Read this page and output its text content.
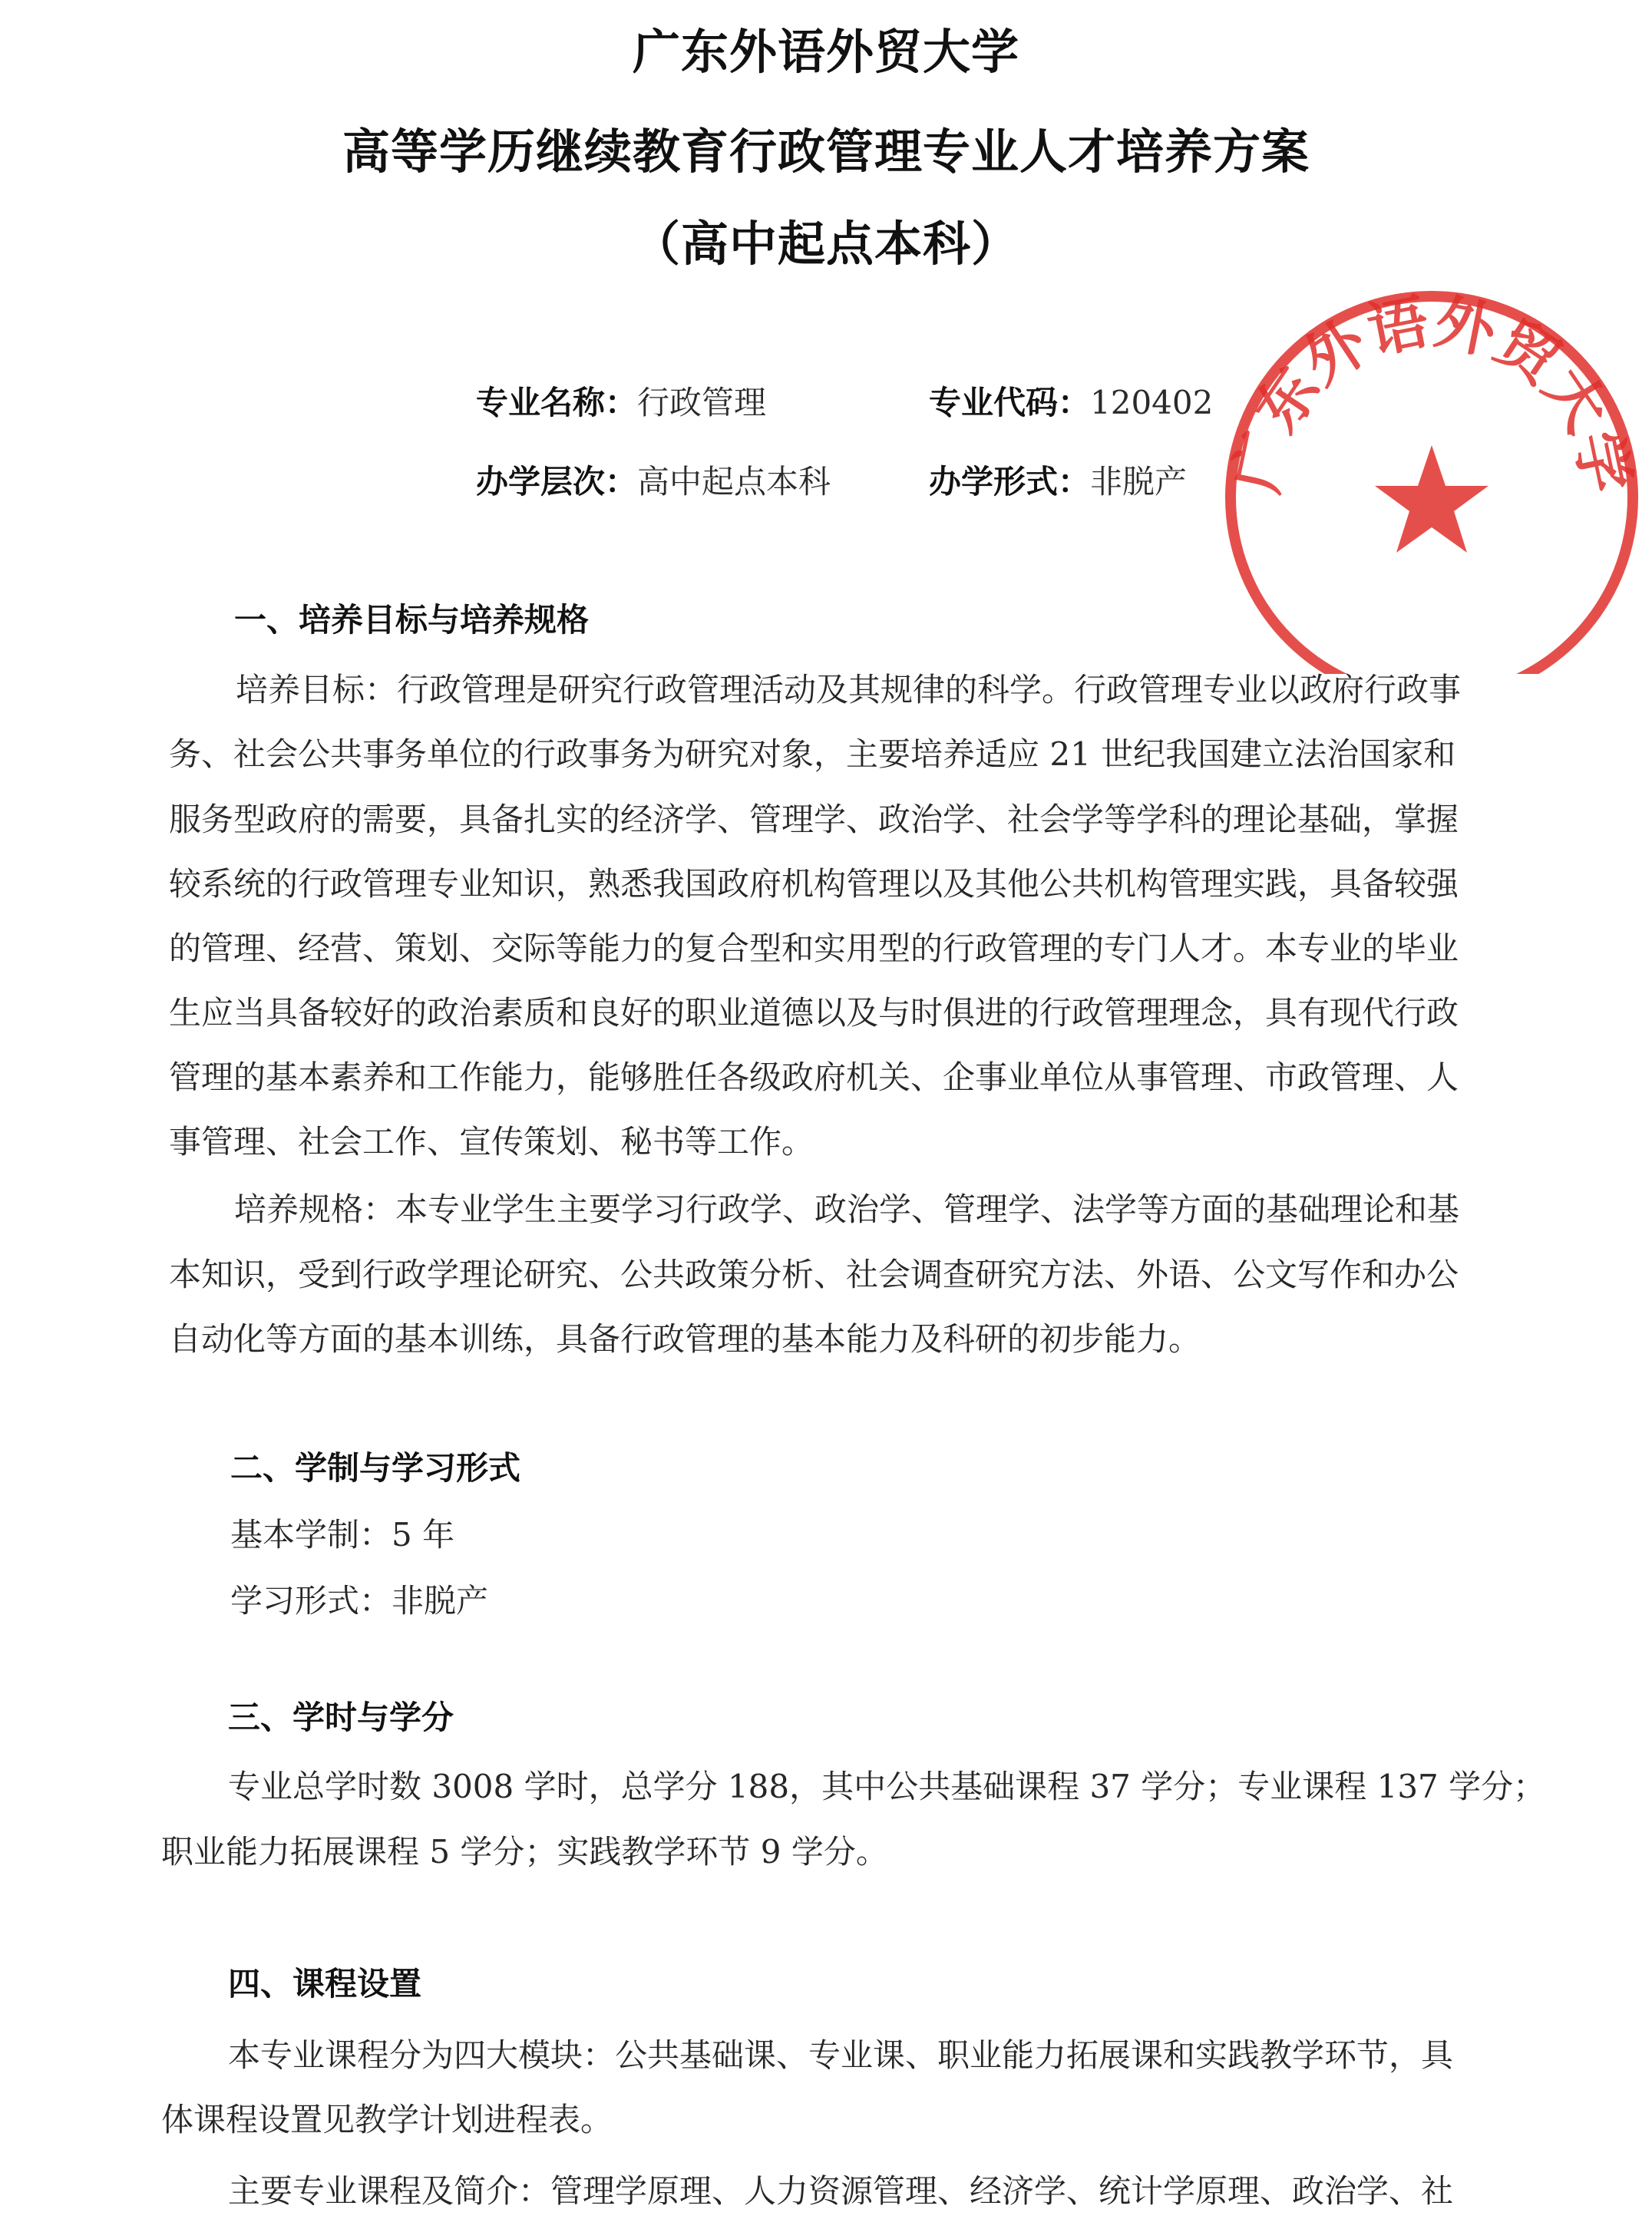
广东外语外贸大学
高等学历继续教育行政管理专业人才培养方案
（高中起点本科）
专业名称：行政管理	专业代码：120402
办学层次：高中起点本科	办学形式：非脱产 广东外语外贸大学
一、培养目标与培养规格
培养目标：行政管理是研究行政管理活动及其规律的科学。行政管理专业以政府行政事
务、社会公共事务单位的行政事务为研究对象，主要培养适应 21 世纪我国建立法治国家和
服务型政府的需要，具备扎实的经济学、管理学、政治学、社会学等学科的理论基础，掌握
较系统的行政管理专业知识，熟悉我国政府机构管理以及其他公共机构管理实践，具备较强
的管理、经营、策划、交际等能力的复合型和实用型的行政管理的专门人才。本专业的毕业
生应当具备较好的政治素质和良好的职业道德以及与时俱进的行政管理理念，具有现代行政
管理的基本素养和工作能力，能够胜任各级政府机关、企事业单位从事管理、市政管理、人
事管理、社会工作、宣传策划、秘书等工作。
培养规格：本专业学生主要学习行政学、政治学、管理学、法学等方面的基础理论和基
本知识，受到行政学理论研究、公共政策分析、社会调查研究方法、外语、公文写作和办公
自动化等方面的基本训练，具备行政管理的基本能力及科研的初步能力。
二、学制与学习形式
基本学制：5 年
学习形式：非脱产
三、学时与学分
专业总学时数 3008 学时，总学分 188，其中公共基础课程 37 学分；专业课程 137 学分；
职业能力拓展课程 5 学分；实践教学环节 9 学分。
四、课程设置
本专业课程分为四大模块：公共基础课、专业课、职业能力拓展课和实践教学环节，具
体课程设置见教学计划进程表。
主要专业课程及简介：管理学原理、人力资源管理、经济学、统计学原理、政治学、社
